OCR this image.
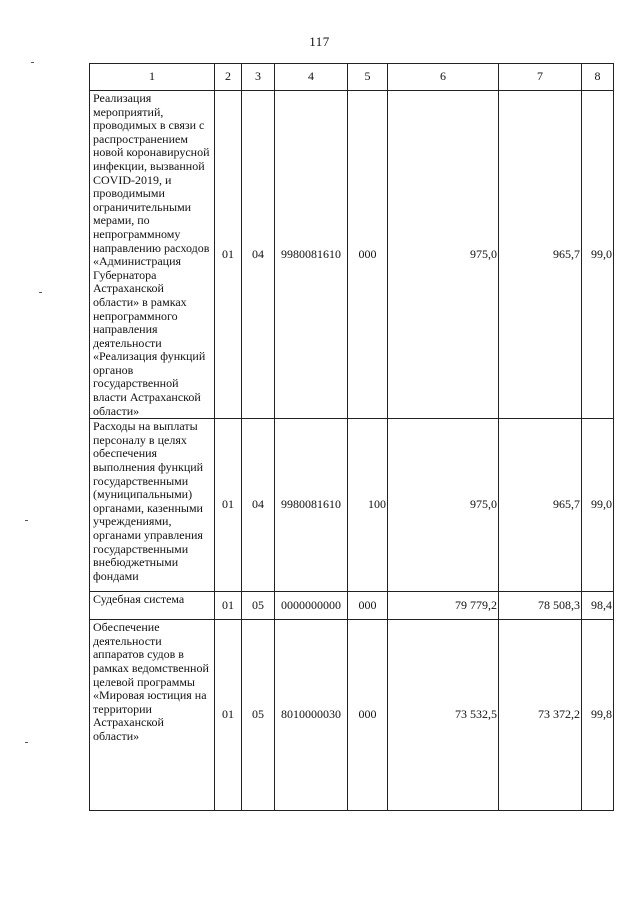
117
1	2	3	4	5	6	7	8
Реализация мероприятий, проводимых в связи с распространением новой коронавирусной инфекции, вызванной COVID-2019, и проводимыми ограничительными мерами, по непрограммному направлению расходов «Администрация Губернатора Астраханской области» в рамках непрограммного направления деятельности «Реализация функций органов государственной власти Астраханской области»	01	04	9980081610	000	975,0	965,7	99,0
Расходы на выплаты персоналу в целях обеспечения выполнения функций государственными (муниципальными) органами, казенными учреждениями, органами управления государственными внебюджетными фондами	01	04	9980081610	100	975,0	965,7	99,0
Судебная система	01	05	0000000000	000	79 779,2	78 508,3	98,4
Обеспечение деятельности аппаратов судов в рамках ведомственной целевой программы «Мировая юстиция на территории Астраханской области»	01	05	8010000030	000	73 532,5	73 372,2	99,8
